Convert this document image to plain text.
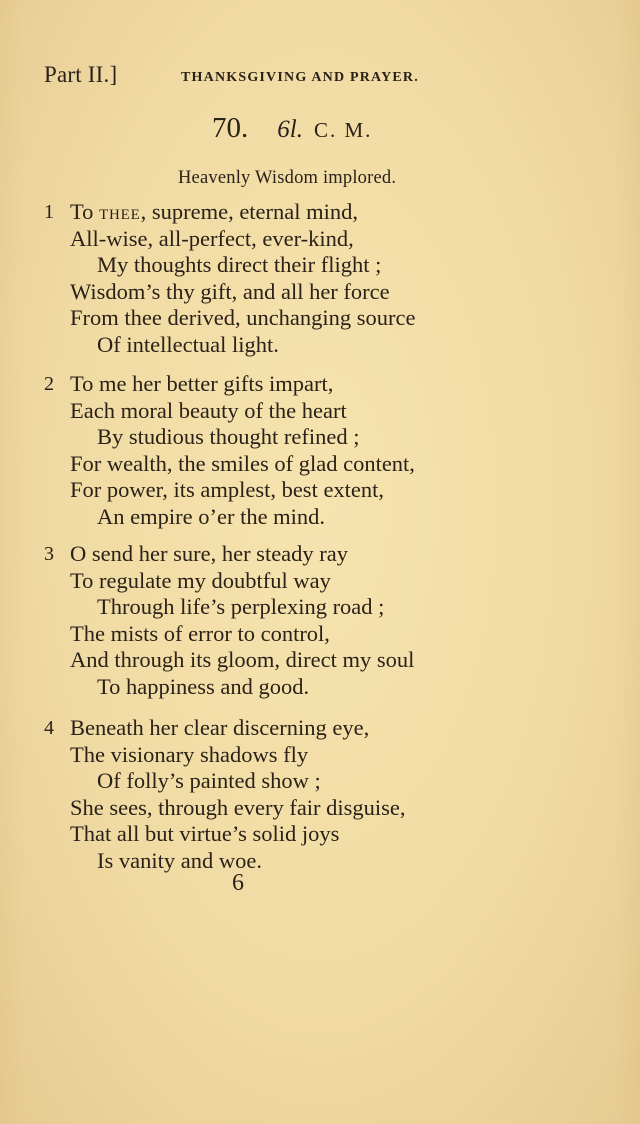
Part II.]	THANKSGIVING AND PRAYER.
70. 6l. C. M.
Heavenly Wisdom implored.
1 To thee, supreme, eternal mind,
All-wise, all-perfect, ever-kind,
My thoughts direct their flight ;
Wisdom’s thy gift, and all her force
From thee derived, unchanging source
Of intellectual light.
2 To me her better gifts impart,
Each moral beauty of the heart
By studious thought refined ;
For wealth, the smiles of glad content,
For power, its amplest, best extent,
An empire o’er the mind.
3 O send her sure, her steady ray
To regulate my doubtful way
Through life’s perplexing road ;
The mists of error to control,
And through its gloom, direct my soul
To happiness and good.
4 Beneath her clear discerning eye,
The visionary shadows fly
Of folly’s painted show ;
She sees, through every fair disguise,
That all but virtue’s solid joys
Is vanity and woe.
6
